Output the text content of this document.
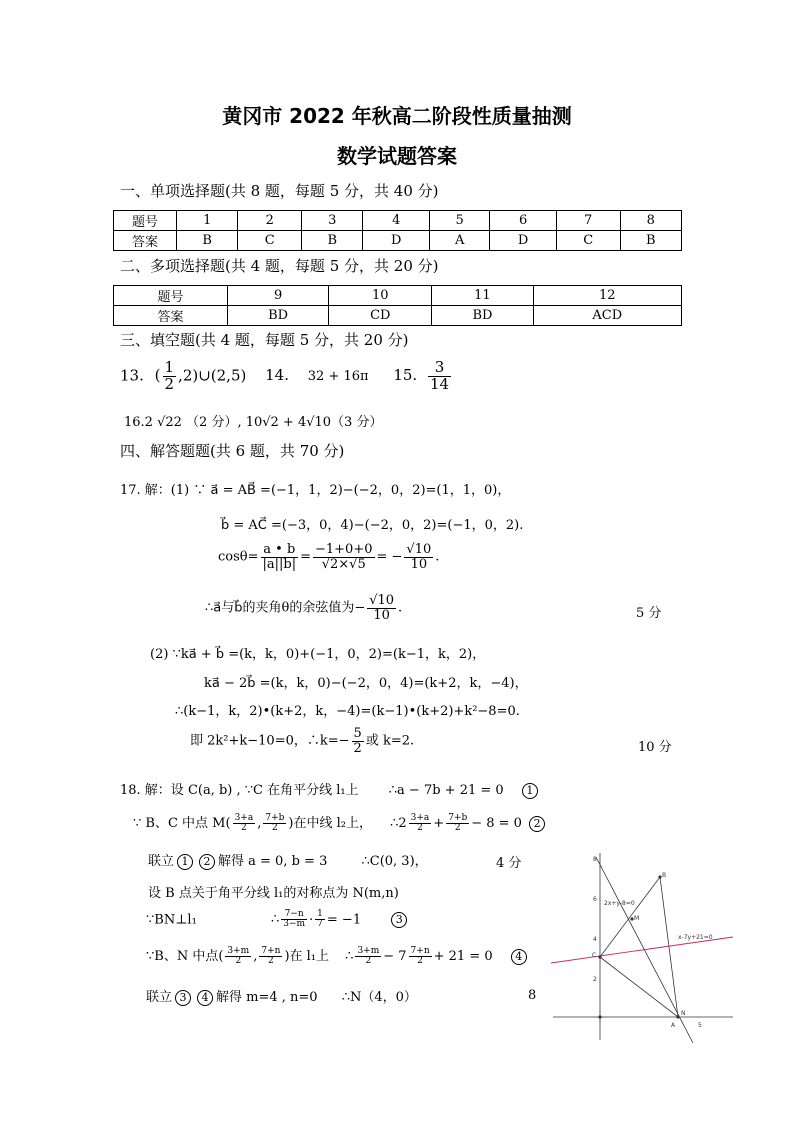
黄冈市 2022 年秋高二阶段性质量抽测
数学试题答案
一、单项选择题(共 8 题，每题 5 分，共 40 分)
题号	1	2	3	4	5	6	7	8
答案	B	C	B	D	A	D	C	B
二、多项选择题(共 4 题，每题 5 分，共 20 分)
题号	9	10	11	12
答案	BD	CD	BD	ACD
三、填空题(共 4 题，每题 5 分，共 20 分)
13. ( $\frac{1}{2}$ ,2)∪(2,5) 14. 32 + 16π 15. $\frac{3}{14}$
16.2 √22 （2 分）, 10√2 + 4√10（3 分）
四、解答题题(共 6 题，共 70 分)
17. 解：(1) ∵ a⃗ = AB⃗ =(−1，1，2)−(−2，0，2)=(1，1，0)，
b⃗ = AC⃗ =(−3，0，4)−(−2，0，2)=(−1，0，2).
$\cos\theta= \frac{a • b}{|a||b|} = \frac{-1+0+0}{√2\times√5}$ = − $\frac{√10}{10}$ .
∴a⃗与b⃗的夹角θ的余弦值为− $\frac{√10}{10}$ .	5 分
(2) ∵ka⃗ + b⃗ =(k，k，0)+(−1，0，2)=(k−1，k，2)，
ka⃗ − 2b⃗ =(k，k，0)−(−2，0，4)=(k+2，k，−4)，
∴(k−1，k，2)•(k+2，k，−4)=(k−1)•(k+2)+k²−8=0.
即 2k²+k−10=0，∴k=− $\frac{5}{2}$ 或 k=2.	10 分
18. 解：设 C(a, b) , ∵C 在角平分线 l₁上 ∴a − 7b + 21 = 0 1
∵ B、C 中点 $M( \frac{3+a}{2}$ , $\frac{7+b}{2}$ )在中线 l₂上， ∴2 $\frac{3+a}{2} + \frac{7+b}{2} - 8 = 0$ 2
联立 1 2 解得 a = 0, b = 3	∴C(0, 3)，	4 分
设 B 点关于角平分线 l₁的对称点为 N(m,n)
∵BN⊥l₁	∴ $\frac{7-n}{3-m} \cdot \frac{1}{7} = -1$	3
∵B、N 中点( $\frac{3+m}{2}$ , $\frac{7+n}{2}$ )在 l₁上 ∴ $\frac{3+m}{2} - 7 \frac{7+n}{2} + 21 = 0$ 4
联立 3 4 解得 m=4 , n=0 ∴N（4，0）	8
8
6
4
2
5
B
M
C
N
A
2x+y-8=0
x-7y+21=0
